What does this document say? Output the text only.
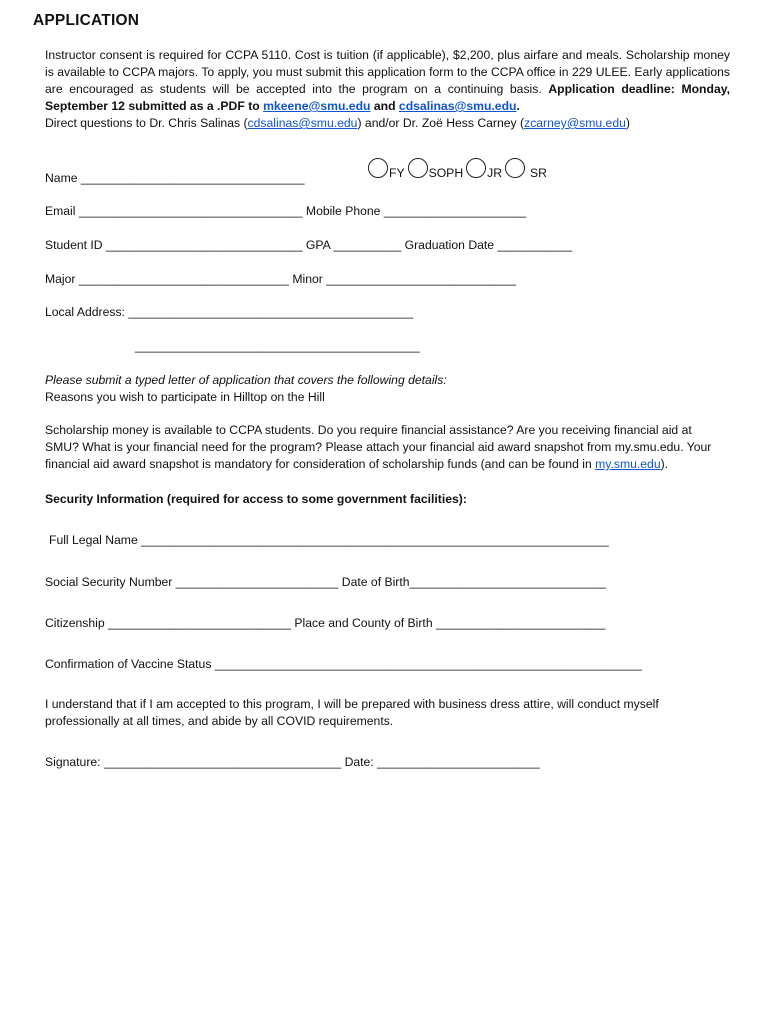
APPLICATION

Instructor consent is required for CCPA 5110. Cost is tuition (if applicable), $2,200, plus airfare and meals. Scholarship money is available to CCPA majors. To apply, you must submit this application form to the CCPA office in 229 ULEE. Early applications are encouraged as students will be accepted into the program on a continuing basis. Application deadline: Monday, September 12 submitted as a .PDF to mkeene@smu.edu and cdsalinas@smu.edu.

Direct questions to Dr. Chris Salinas (cdsalinas@smu.edu) and/or Dr. Zoë Hess Carney (zcarney@smu.edu)

Name _________________________________	FY SOPH JR SR
Email _________________________________ Mobile Phone _____________________
Student ID _____________________________ GPA __________ Graduation Date ___________
Major _______________________________ Minor ____________________________
Local Address: __________________________________________
__________________________________________

Please submit a typed letter of application that covers the following details:

Reasons you wish to participate in Hilltop on the Hill

Scholarship money is available to CCPA students. Do you require financial assistance? Are you receiving financial aid at SMU? What is your financial need for the program? Please attach your financial aid award snapshot from my.smu.edu. Your financial aid award snapshot is mandatory for consideration of scholarship funds (and can be found in my.smu.edu).

Security Information (required for access to some government facilities):
Full Legal Name _____________________________________________________________________
Social Security Number ________________________ Date of Birth_____________________________
Citizenship ___________________________ Place and County of Birth _________________________
Confirmation of Vaccine Status _______________________________________________________________
I understand that if I am accepted to this program, I will be prepared with business dress attire, will conduct myself professionally at all times, and abide by all COVID requirements.
Signature: ___________________________________ Date: ________________________
